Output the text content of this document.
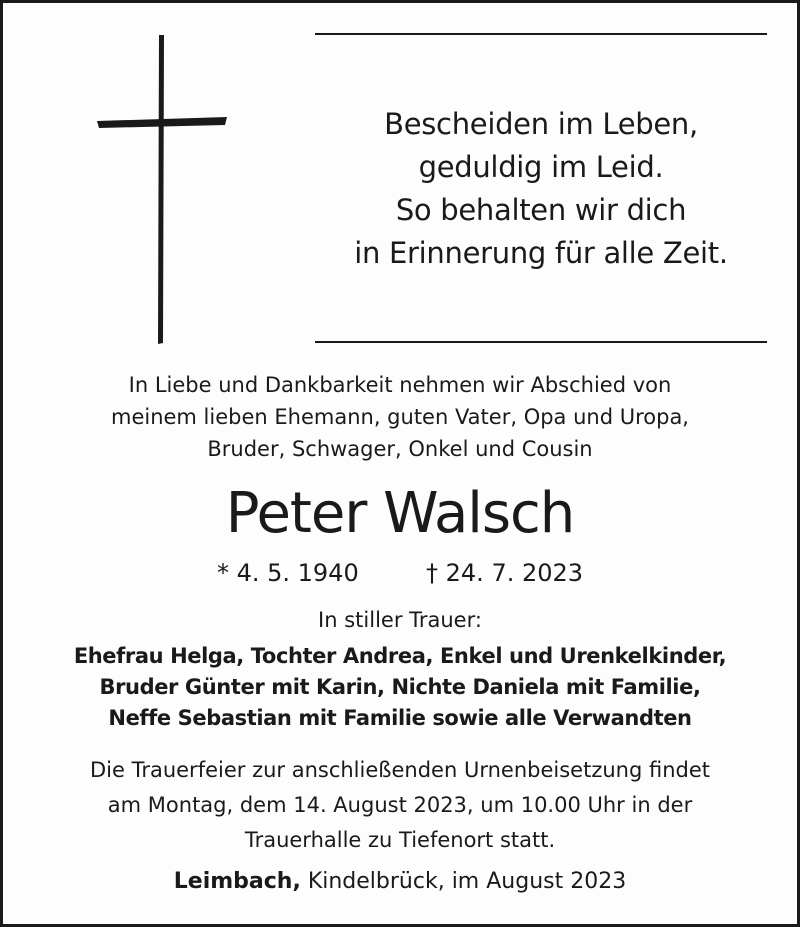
Bescheiden im Leben,
geduldig im Leid.
So behalten wir dich
in Erinnerung für alle Zeit.
In Liebe und Dankbarkeit nehmen wir Abschied von
meinem lieben Ehemann, guten Vater, Opa und Uropa,
Bruder, Schwager, Onkel und Cousin
Peter Walsch
* 4. 5. 1940	† 24. 7. 2023
In stiller Trauer:
Ehefrau Helga, Tochter Andrea, Enkel und Urenkelkinder,
Bruder Günter mit Karin, Nichte Daniela mit Familie,
Neffe Sebastian mit Familie sowie alle Verwandten
Die Trauerfeier zur anschließenden Urnenbeisetzung findet
am Montag, dem 14. August 2023, um 10.00 Uhr in der
Trauerhalle zu Tiefenort statt.
Leimbach, Kindelbrück, im August 2023
